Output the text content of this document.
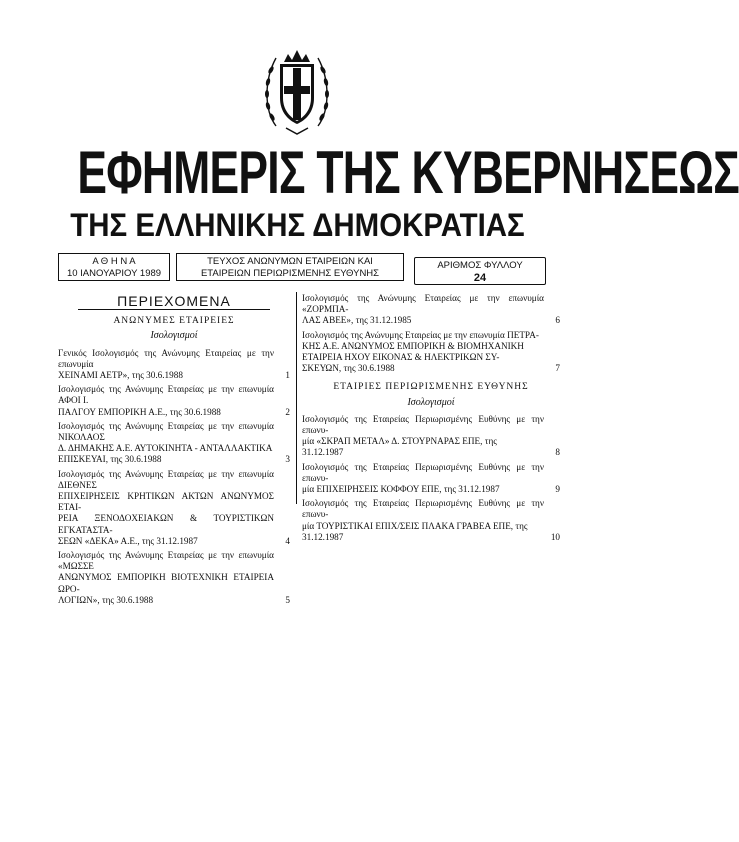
ΕΦΗΜΕΡΙΣ ΤΗΣ ΚΥΒΕΡΝΗΣΕΩΣ
ΤΗΣ ΕΛΛΗΝΙΚΗΣ ΔΗΜΟΚΡΑΤΙΑΣ
Α Θ Η Ν Α
10 ΙΑΝΟΥΑΡΙΟΥ 1989
ΤΕΥΧΟΣ ΑΝΩΝΥΜΩΝ ΕΤΑΙΡΕΙΩΝ ΚΑΙ
ΕΤΑΙΡΕΙΩΝ ΠΕΡΙΩΡΙΣΜΕΝΗΣ ΕΥΘΥΝΗΣ
ΑΡΙΘΜΟΣ ΦΥΛΛΟΥ
24
ΠΕΡΙΕΧΟΜΕΝΑ
ΑΝΩΝΥΜΕΣ ΕΤΑΙΡΕΙΕΣ
Ισολογισμοί
Γενικός Ισολογισμός της Ανώνυμης Εταιρείας με την επωνυμία
ΧΕΙΝΑΜΙ ΑΕΤΡ», της 30.6.1988	1
Ισολογισμός της Ανώνυμης Εταιρείας με την επωνυμία ΑΦΟΙ Ι.
ΠΑΛΓΟΥ ΕΜΠΟΡΙΚΗ Α.Ε., της 30.6.1988	2
Ισολογισμός της Ανώνυμης Εταιρείας με την επωνυμία ΝΙΚΟΛΑΟΣ
Δ. ΔΗΜΑΚΗΣ Α.Ε. ΑΥΤΟΚΙΝΗΤΑ - ΑΝΤΑΛΛΑΚΤΙΚΑ
ΕΠΙΣΚΕΥΑΙ, της 30.6.1988	3
Ισολογισμός της Ανώνυμης Εταιρείας με την επωνυμία ΔΙΕΘΝΕΣ
ΕΠΙΧΕΙΡΗΣΕΙΣ ΚΡΗΤΙΚΩΝ ΑΚΤΩΝ ΑΝΩΝΥΜΟΣ ΕΤΑΙ-
ΡΕΙΑ ΞΕΝΟΔΟΧΕΙΑΚΩΝ & ΤΟΥΡΙΣΤΙΚΩΝ ΕΓΚΑΤΑΣΤΑ-
ΣΕΩΝ «ΔΕΚΑ» Α.Ε., της 31.12.1987	4
Ισολογισμός της Ανώνυμης Εταιρείας με την επωνυμία «ΜΩΣΣΕ
ΑΝΩΝΥΜΟΣ ΕΜΠΟΡΙΚΗ ΒΙΟΤΕΧΝΙΚΗ ΕΤΑΙΡΕΙΑ ΩΡΟ-
ΛΟΓΙΩΝ», της 30.6.1988	5
Ισολογισμός της Ανώνυμης Εταιρείας με την επωνυμία «ΖΟΡΜΠΑ-
ΛΑΣ ΑΒΕΕ», της 31.12.1985	6
Ισολογισμός της Ανώνυμης Εταιρείας με την επωνυμία ΠΕΤΡΑ-
ΚΗΣ Α.Ε. ΑΝΩΝΥΜΟΣ ΕΜΠΟΡΙΚΗ & ΒΙΟΜΗΧΑΝΙΚΗ
ΕΤΑΙΡΕΙΑ ΗΧΟΥ ΕΙΚΟΝΑΣ & ΗΛΕΚΤΡΙΚΩΝ ΣΥ-
ΣΚΕΥΩΝ, της 30.6.1988	7
ΕΤΑΙΡΙΕΣ ΠΕΡΙΩΡΙΣΜΕΝΗΣ ΕΥΘΥΝΗΣ
Ισολογισμοί
Ισολογισμός της Εταιρείας Περιωρισμένης Ευθύνης με την επωνυ-
μία «ΣΚΡΑΠ ΜΕΤΑΛ» Δ. ΣΤΟΥΡΝΑΡΑΣ ΕΠΕ, της
31.12.1987	8
Ισολογισμός της Εταιρείας Περιωρισμένης Ευθύνης με την επωνυ-
μία ΕΠΙΧΕΙΡΗΣΕΙΣ ΚΟΦΦΟΥ ΕΠΕ, της 31.12.1987	9
Ισολογισμός της Εταιρείας Περιωρισμένης Ευθύνης με την επωνυ-
μία ΤΟΥΡΙΣΤΙΚΑΙ ΕΠΙΧ/ΣΕΙΣ ΠΛΑΚΑ ΓΡΑΒΕΑ ΕΠΕ, της
31.12.1987	10
